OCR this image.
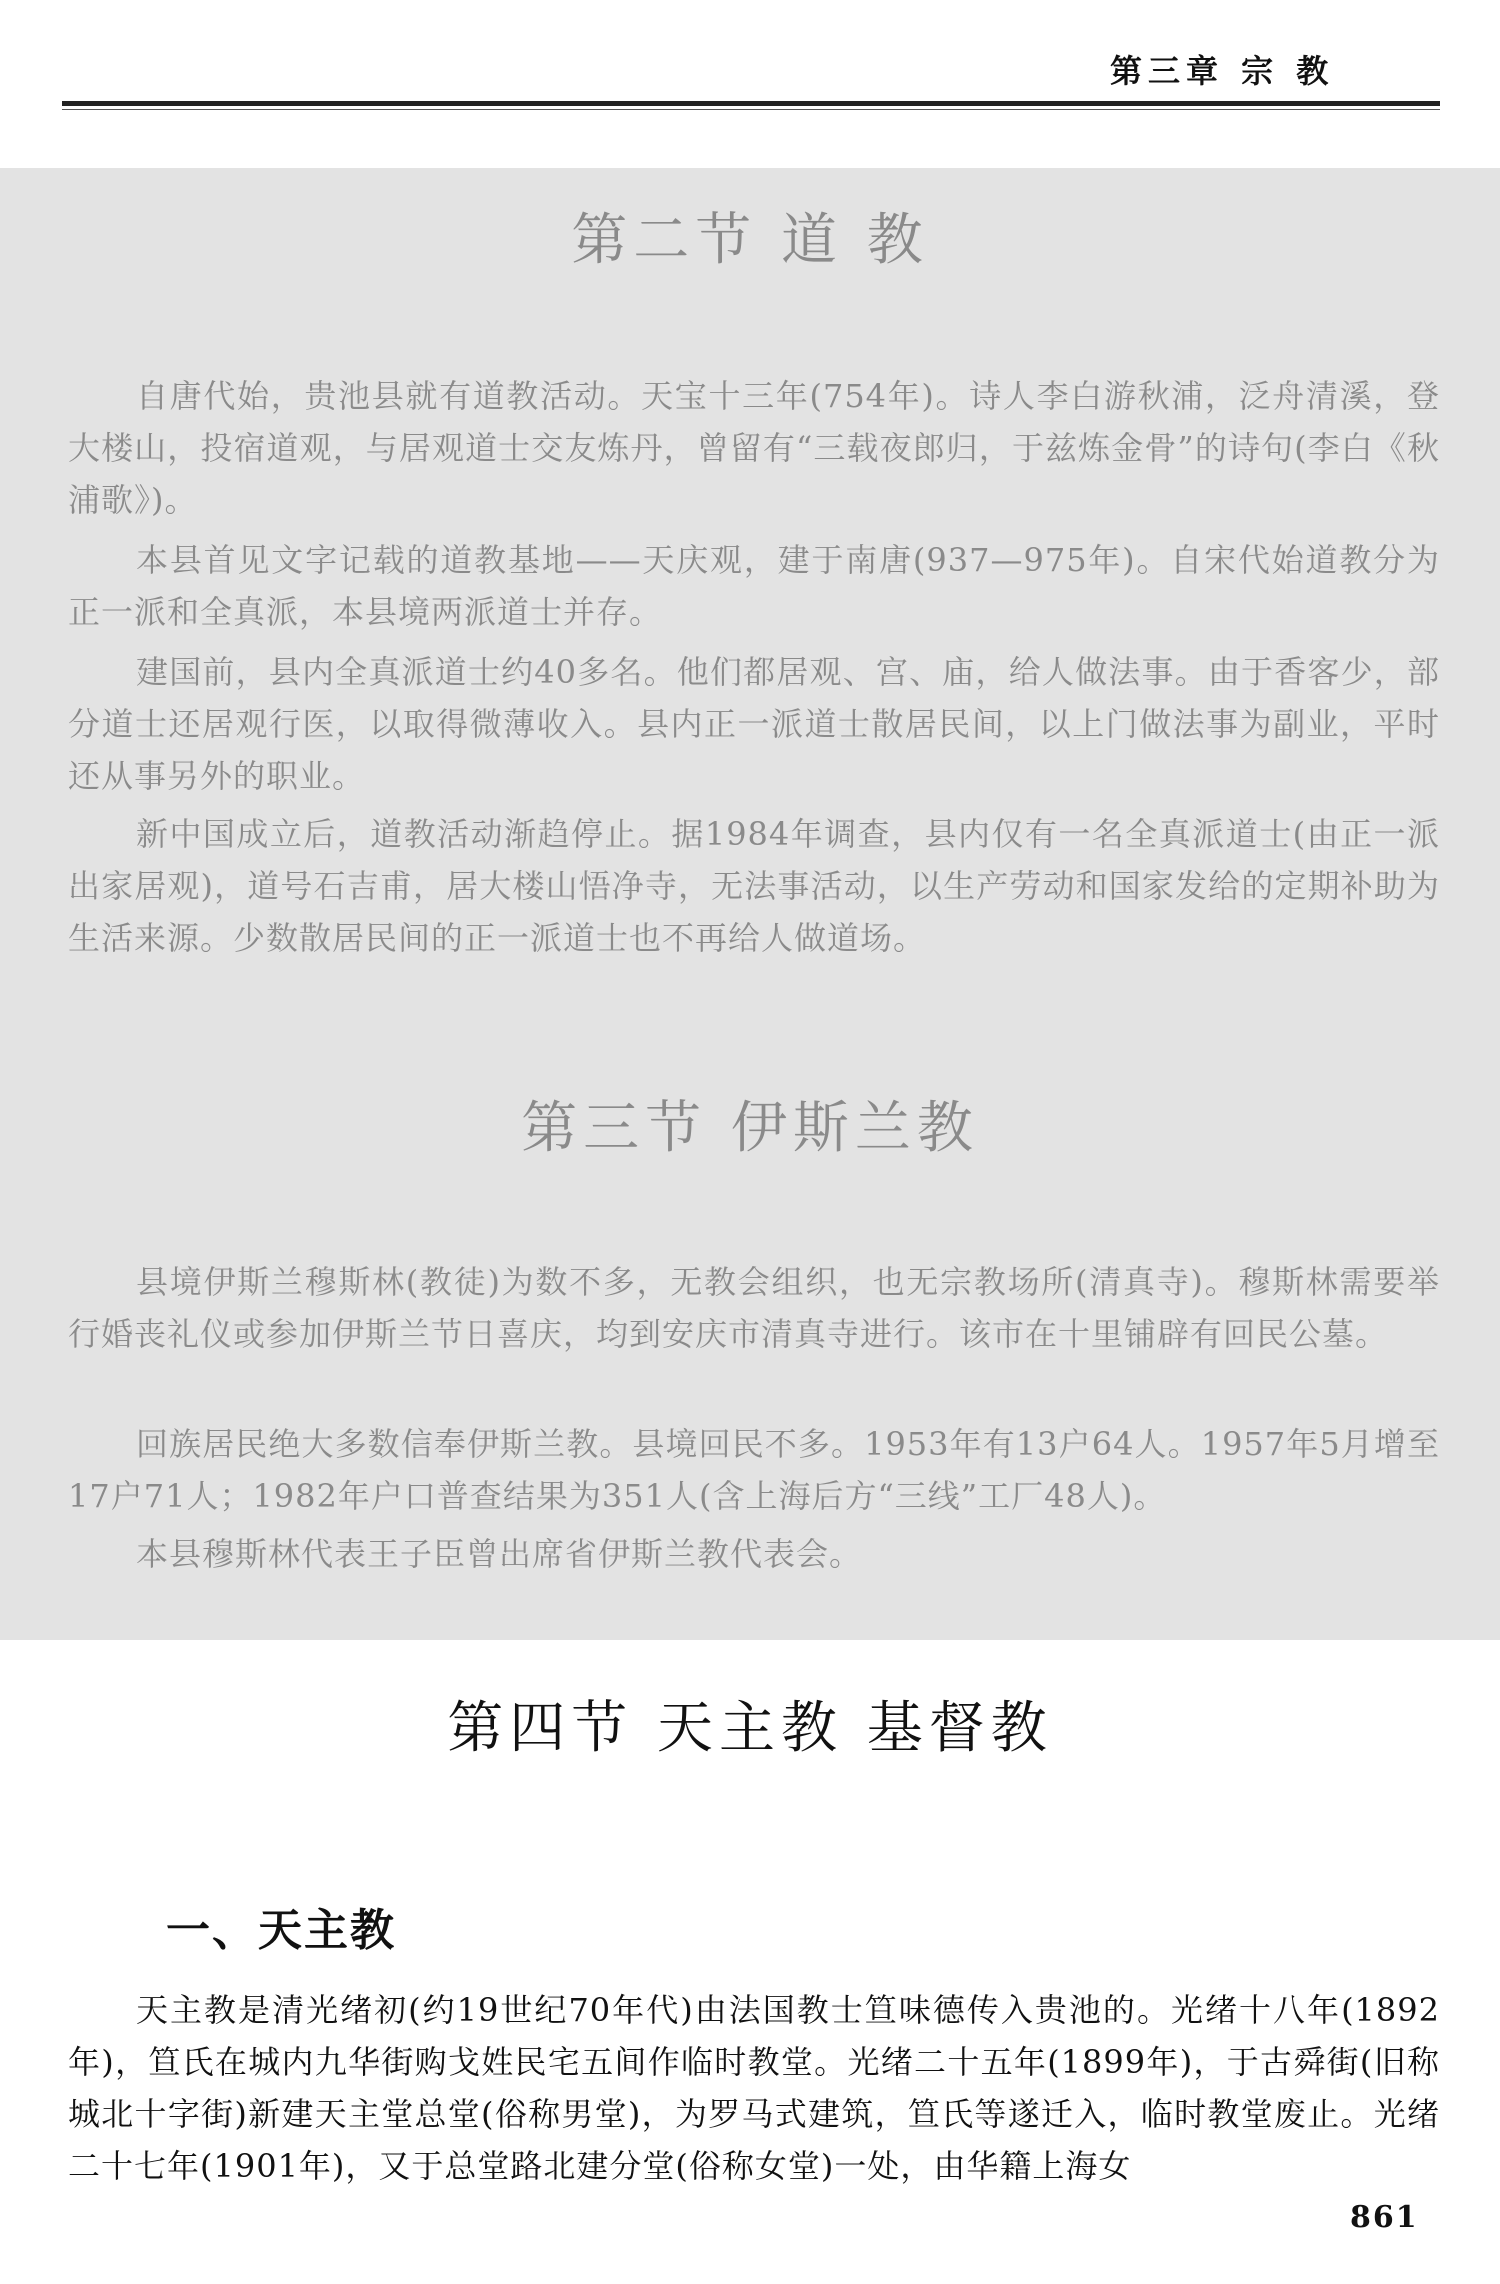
第三章 宗 教
第二节 道 教

自唐代始，贵池县就有道教活动。天宝十三年(754年)。诗人李白游秋浦，泛舟清溪，登大楼山，投宿道观，与居观道士交友炼丹，曾留有“三载夜郎归，于兹炼金骨”的诗句(李白《秋浦歌》)。

本县首见文字记载的道教基地——天庆观，建于南唐(937—975年)。自宋代始道教分为正一派和全真派，本县境两派道士并存。

建国前，县内全真派道士约40多名。他们都居观、宫、庙，给人做法事。由于香客少，部分道士还居观行医，以取得微薄收入。县内正一派道士散居民间，以上门做法事为副业，平时还从事另外的职业。

新中国成立后，道教活动渐趋停止。据1984年调查，县内仅有一名全真派道士(由正一派出家居观)，道号石吉甫，居大楼山悟净寺，无法事活动，以生产劳动和国家发给的定期补助为生活来源。少数散居民间的正一派道士也不再给人做道场。

第三节 伊斯兰教

县境伊斯兰穆斯林(教徒)为数不多，无教会组织，也无宗教场所(清真寺)。穆斯林需要举行婚丧礼仪或参加伊斯兰节日喜庆，均到安庆市清真寺进行。该市在十里铺辟有回民公墓。

回族居民绝大多数信奉伊斯兰教。县境回民不多。1953年有13户64人。1957年5月增至17户71人；1982年户口普查结果为351人(含上海后方“三线”工厂48人)。

本县穆斯林代表王子臣曾出席省伊斯兰教代表会。

第四节 天主教 基督教
一、天主教

天主教是清光绪初(约19世纪70年代)由法国教士笪味德传入贵池的。光绪十八年(1892年)，笪氏在城内九华街购戈姓民宅五间作临时教堂。光绪二十五年(1899年)，于古舜街(旧称城北十字街)新建天主堂总堂(俗称男堂)，为罗马式建筑，笪氏等遂迁入，临时教堂废止。光绪二十七年(1901年)，又于总堂路北建分堂(俗称女堂)一处，由华籍上海女

861
